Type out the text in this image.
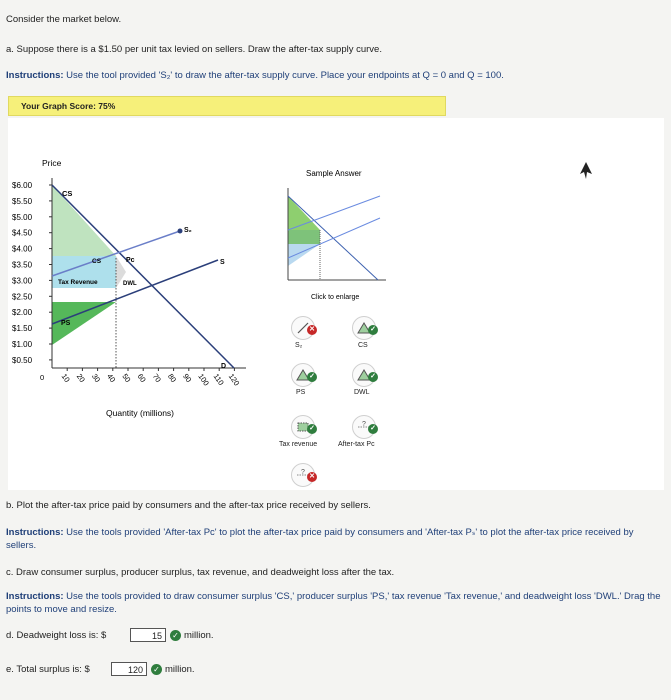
Consider the market below.
a. Suppose there is a $1.50 per unit tax levied on sellers. Draw the after-tax supply curve.
Instructions: Use the tool provided 'S₂' to draw the after-tax supply curve. Place your endpoints at Q = 0 and Q = 100.
Your Graph Score: 75%
Price
Quantity (millions)
CS
CS
Tax Revenue	DWL
PS
Pc
S₂
S
D
$6.00
$5.50
$5.00
$4.50
$4.00
$3.50
$3.00
$2.50
$2.00
$1.50
$1.00
$0.50
10 20 30 40 50 60 70 80 90 100 110 120
0
Sample Answer
Click to enlarge
✕
S₂
✓
CS
✓
PS
✓
DWL
✓
Tax revenue
?
✓
After-tax Pᴄ
?
✕
b. Plot the after-tax price paid by consumers and the after-tax price received by sellers.
Instructions: Use the tools provided 'After-tax Pᴄ' to plot the after-tax price paid by consumers and 'After-tax Pₛ' to plot the after-tax price received by sellers.
c. Draw consumer surplus, producer surplus, tax revenue, and deadweight loss after the tax.
Instructions: Use the tools provided to draw consumer surplus 'CS,' producer surplus 'PS,' tax revenue 'Tax revenue,' and deadweight loss 'DWL.' Drag the points to move and resize.
d. Deadweight loss is: $	15	✓ million.
e. Total surplus is: $	120	✓ million.
